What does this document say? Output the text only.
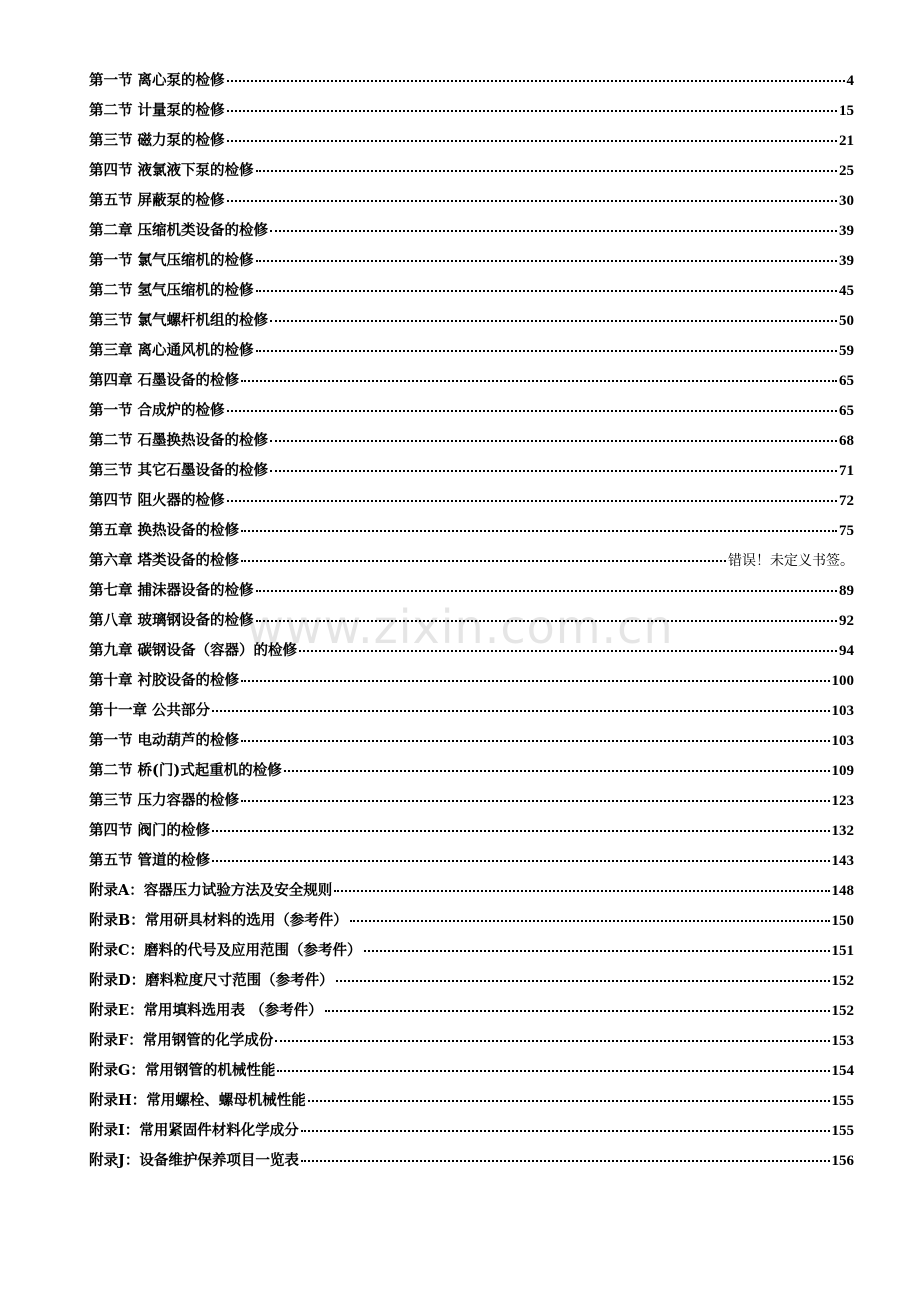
www.zixin.com.cn
第一节 离心泵的检修	4
第二节 计量泵的检修	15
第三节 磁力泵的检修	21
第四节 液氯液下泵的检修	25
第五节 屏蔽泵的检修	30
第二章 压缩机类设备的检修	39
第一节 氯气压缩机的检修	39
第二节 氢气压缩机的检修	45
第三节 氯气螺杆机组的检修	50
第三章 离心通风机的检修	59
第四章 石墨设备的检修	65
第一节 合成炉的检修	65
第二节 石墨换热设备的检修	68
第三节 其它石墨设备的检修	71
第四节 阻火器的检修	72
第五章 换热设备的检修	75
第六章 塔类设备的检修	错误！未定义书签。
第七章 捕沫器设备的检修	89
第八章 玻璃钢设备的检修	92
第九章 碳钢设备（容器）的检修	94
第十章 衬胶设备的检修	100
第十一章 公共部分	103
第一节 电动葫芦的检修	103
第二节 桥(门)式起重机的检修	109
第三节 压力容器的检修	123
第四节 阀门的检修	132
第五节 管道的检修	143
附录A：容器压力试验方法及安全规则	148
附录B：常用研具材料的选用（参考件）	150
附录C：磨料的代号及应用范围（参考件）	151
附录D：磨料粒度尺寸范围（参考件）	152
附录E：常用填料选用表 （参考件）	152
附录F：常用钢管的化学成份	153
附录G：常用钢管的机械性能	154
附录H：常用螺栓、螺母机械性能	155
附录I：常用紧固件材料化学成分	155
附录J：设备维护保养项目一览表	156
